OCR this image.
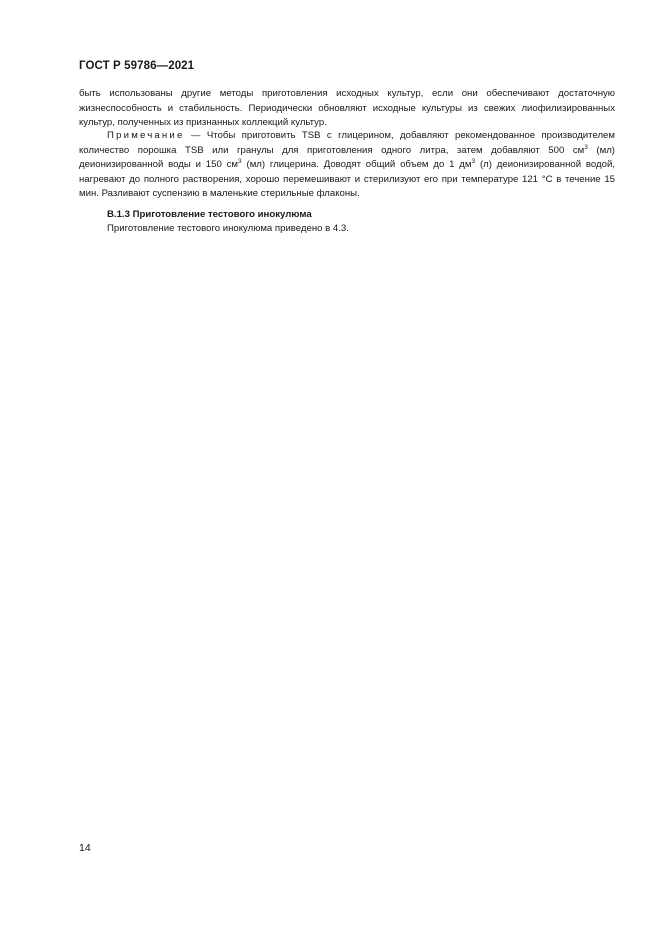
ГОСТ Р 59786—2021
быть использованы другие методы приготовления исходных культур, если они обеспечивают достаточную жизнеспособность и стабильность. Периодически обновляют исходные культуры из свежих лиофилизированных культур, полученных из признанных коллекций культур.
Примечание — Чтобы приготовить TSB с глицерином, добавляют рекомендованное производителем количество порошка TSB или гранулы для приготовления одного литра, затем добавляют 500 $см^3$ (мл) деионизированной воды и 150 $см^3$ (мл) глицерина. Доводят общий объем до 1 $дм^3$ (л) деионизированной водой, нагревают до полного растворения, хорошо перемешивают и стерилизуют его при температуре 121 °С в течение 15 мин. Разливают суспензию в маленькие стерильные флаконы.
В.1.3 Приготовление тестового инокулюма
Приготовление тестового инокулюма приведено в 4.3.
14
